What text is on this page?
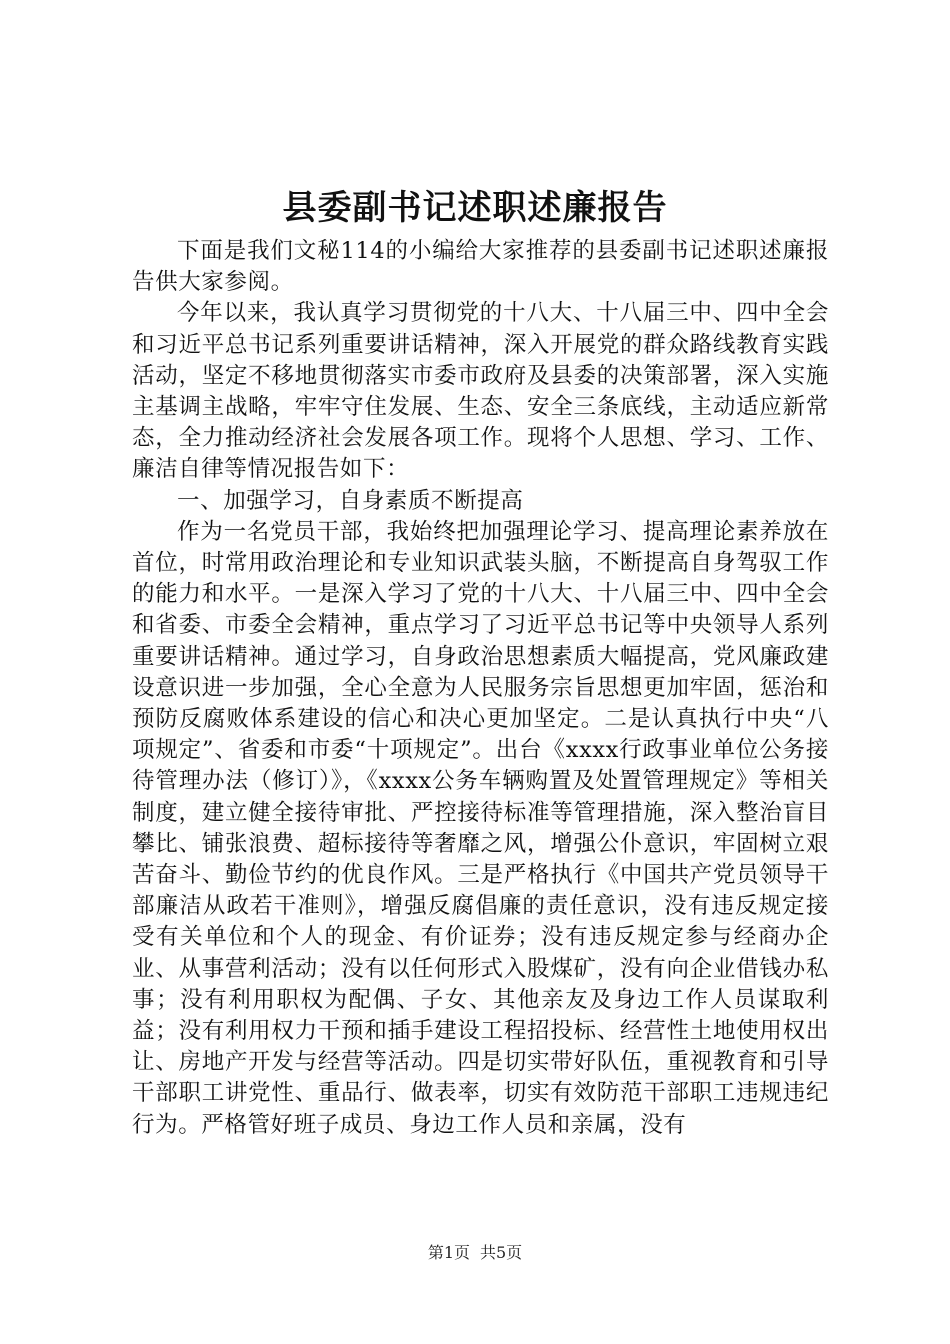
县委副书记述职述廉报告

下面是我们文秘114的小编给大家推荐的县委副书记述职述廉报告供大家参阅。

今年以来，我认真学习贯彻党的十八大、十八届三中、四中全会和习近平总书记系列重要讲话精神，深入开展党的群众路线教育实践活动，坚定不移地贯彻落实市委市政府及县委的决策部署，深入实施主基调主战略，牢牢守住发展、生态、安全三条底线，主动适应新常态，全力推动经济社会发展各项工作。现将个人思想、学习、工作、廉洁自律等情况报告如下：

一、加强学习，自身素质不断提高

作为一名党员干部，我始终把加强理论学习、提高理论素养放在首位，时常用政治理论和专业知识武装头脑，不断提高自身驾驭工作的能力和水平。一是深入学习了党的十八大、十八届三中、四中全会和省委、市委全会精神，重点学习了习近平总书记等中央领导人系列重要讲话精神。通过学习，自身政治思想素质大幅提高，党风廉政建设意识进一步加强，全心全意为人民服务宗旨思想更加牢固，惩治和预防反腐败体系建设的信心和决心更加坚定。二是认真执行中央“八项规定”、省委和市委“十项规定”。出台《xxxx行政事业单位公务接待管理办法（修订）》，《xxxx公务车辆购置及处置管理规定》等相关制度，建立健全接待审批、严控接待标准等管理措施，深入整治盲目攀比、铺张浪费、超标接待等奢靡之风，增强公仆意识，牢固树立艰苦奋斗、勤俭节约的优良作风。三是严格执行《中国共产党员领导干部廉洁从政若干准则》，增强反腐倡廉的责任意识，没有违反规定接受有关单位和个人的现金、有价证券；没有违反规定参与经商办企业、从事营利活动；没有以任何形式入股煤矿，没有向企业借钱办私事；没有利用职权为配偶、子女、其他亲友及身边工作人员谋取利益；没有利用权力干预和插手建设工程招投标、经营性土地使用权出让、房地产开发与经营等活动。四是切实带好队伍，重视教育和引导干部职工讲党性、重品行、做表率，切实有效防范干部职工违规违纪行为。严格管好班子成员、身边工作人员和亲属，没有

第1页 共5页
